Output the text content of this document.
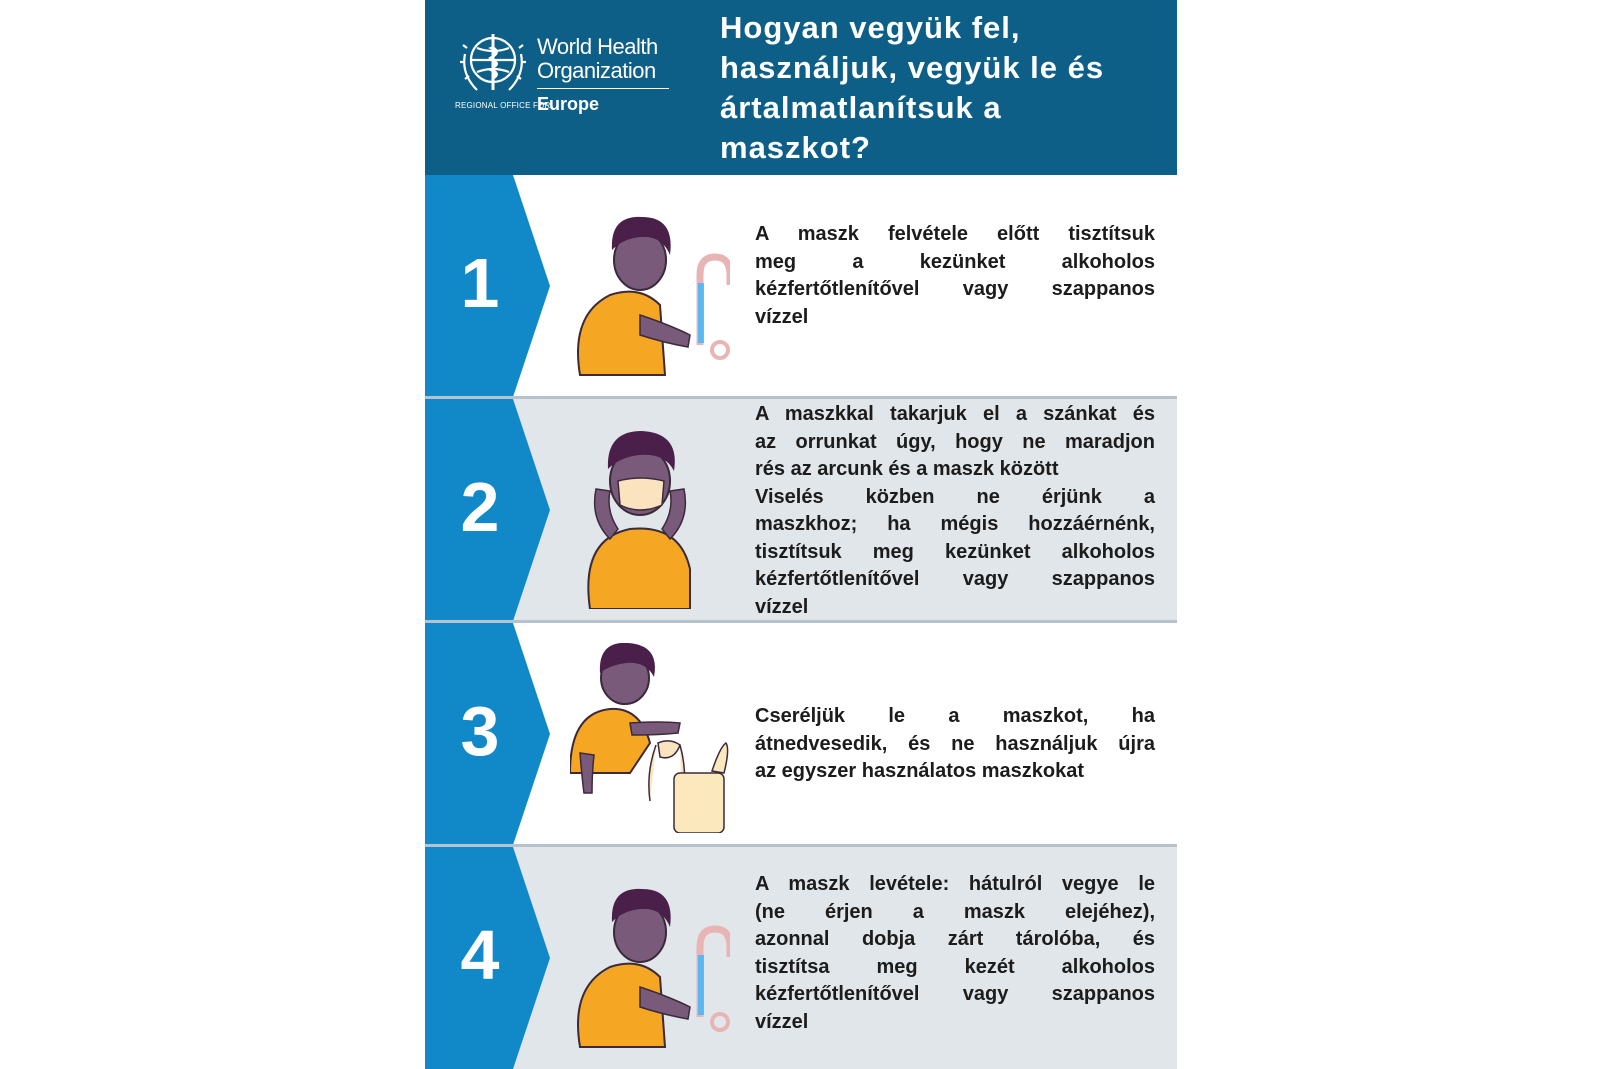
World Health
Organization
REGIONAL OFFICE FOR
Europe
Hogyan vegyük fel,
használjuk, vegyük le és
ártalmatlanítsuk a
maszkot?
1
A maszk felvétele előtt tisztítsuk
meg a kezünket alkoholos
kézfertőtlenítővel vagy szappanos
vízzel
2
A maszkkal takarjuk el a szánkat és
az orrunkat úgy, hogy ne maradjon
rés az arcunk és a maszk között
Viselés közben ne érjünk a
maszkhoz; ha mégis hozzáérnénk,
tisztítsuk meg kezünket alkoholos
kézfertőtlenítővel vagy szappanos
vízzel
3	Cseréljük le a maszkot, ha
átnedvesedik, és ne használjuk újra
az egyszer használatos maszkokat
4
A maszk levétele: hátulról vegye le
(ne érjen a maszk elejéhez),
azonnal dobja zárt tárolóba, és
tisztítsa meg kezét alkoholos
kézfertőtlenítővel vagy szappanos
vízzel
